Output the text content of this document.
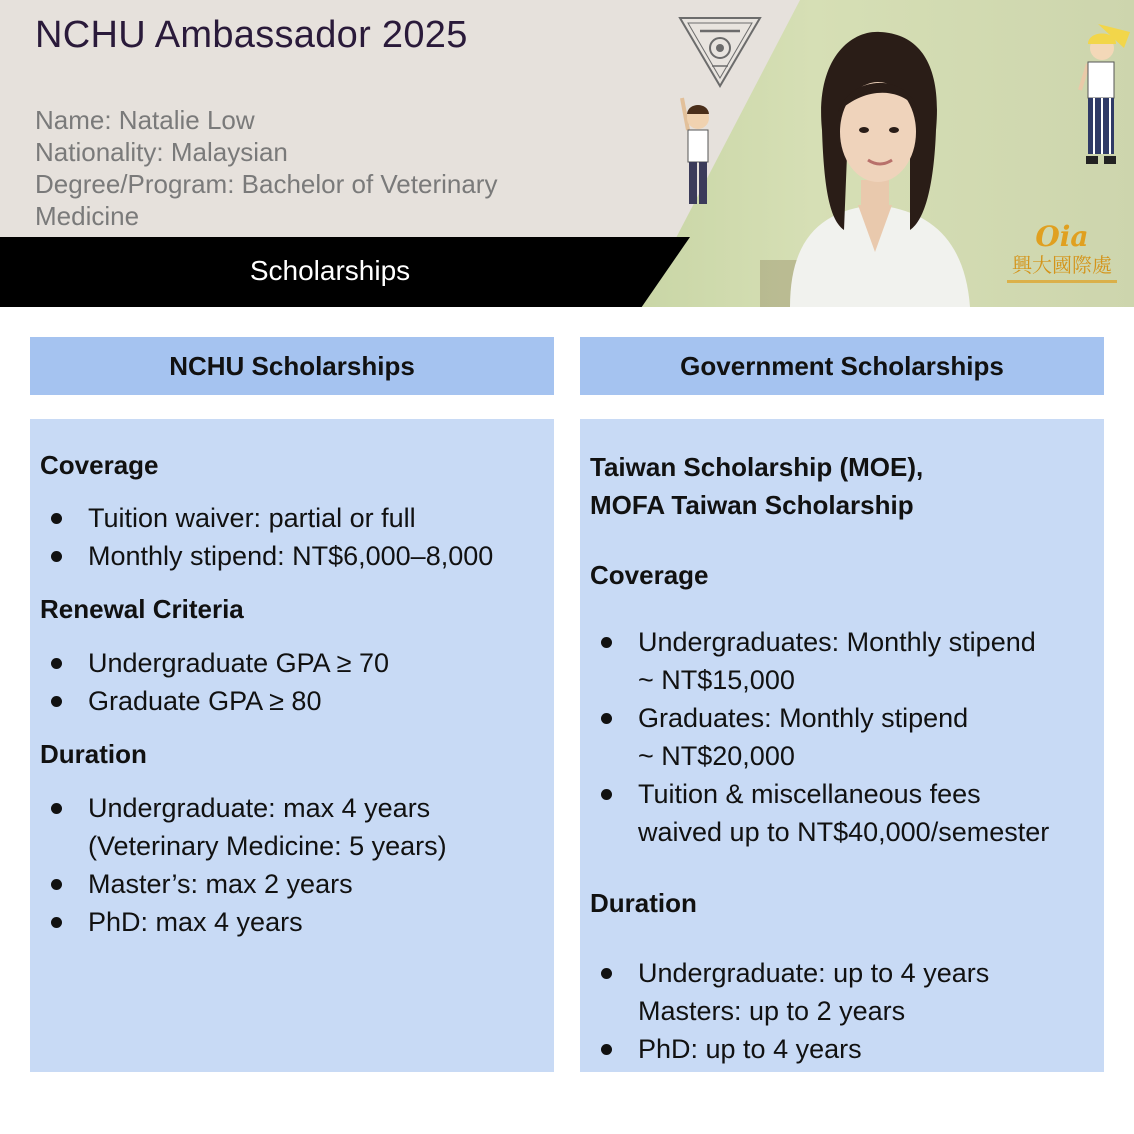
NCHU Ambassador 2025
Name: Natalie Low
Nationality: Malaysian
Degree/Program: Bachelor of Veterinary
Medicine
Scholarships
Oia
興大國際處
NCHU Scholarships
Coverage
Tuition waiver: partial or full
Monthly stipend: NT$6,000–8,000
Renewal Criteria
Undergraduate GPA ≥ 70
Graduate GPA ≥ 80
Duration
Undergraduate: max 4 years
(Veterinary Medicine: 5 years)
Master’s: max 2 years
PhD: max 4 years
Government Scholarships
Taiwan Scholarship (MOE),
MOFA Taiwan Scholarship
Coverage
Undergraduates: Monthly stipend
~ NT$15,000
Graduates: Monthly stipend
~ NT$20,000
Tuition & miscellaneous fees
waived up to NT$40,000/semester
Duration
Undergraduate: up to 4 years
Masters: up to 2 years
PhD: up to 4 years
